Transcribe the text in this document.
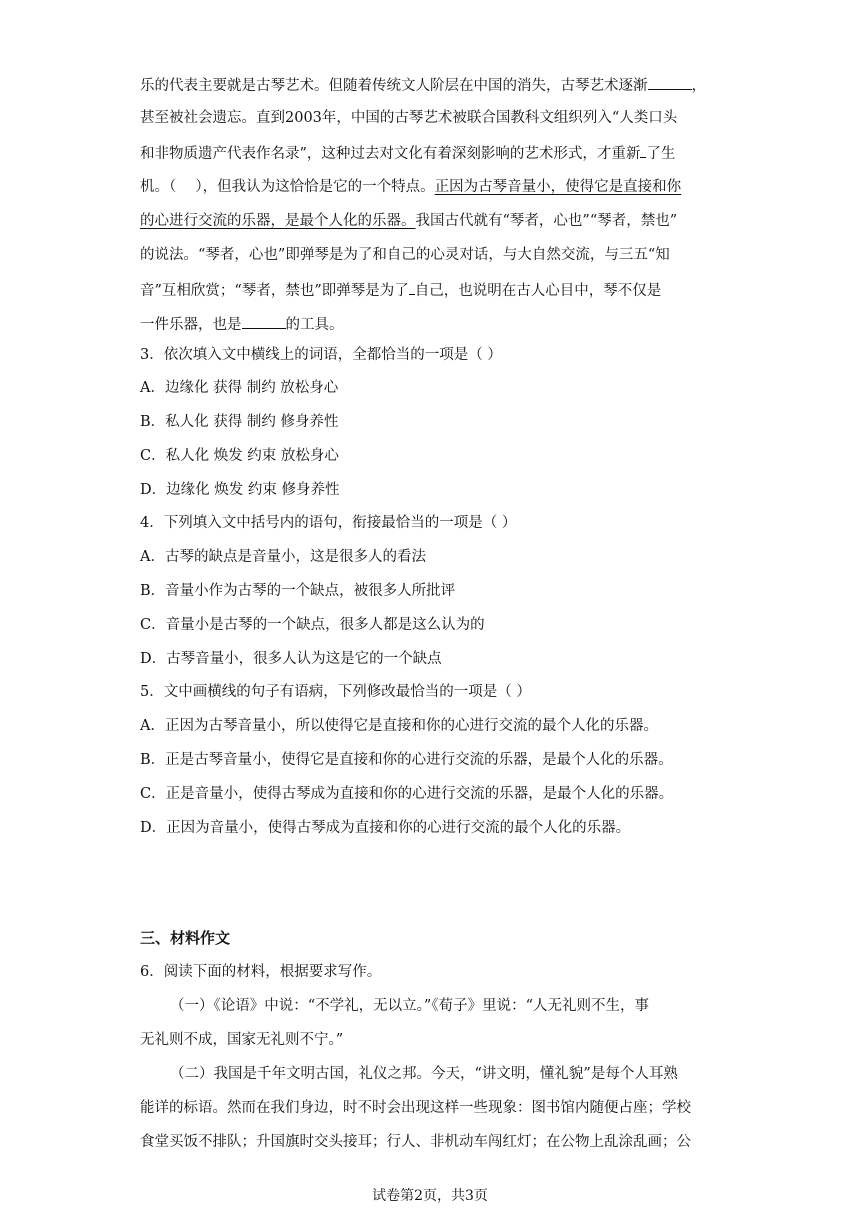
乐的代表主要就是古琴艺术。但随着传统文人阶层在中国的消失，古琴艺术逐渐	，
甚至被社会遗忘。直到2003年，中国的古琴艺术被联合国教科文组织列入“人类口头
和非物质遗产代表作名录”，这种过去对文化有着深刻影响的艺术形式，才重新 了生
机。（　 ），但我认为这恰恰是它的一个特点。正因为古琴音量小，使得它是直接和你
的心进行交流的乐器，是最个人化的乐器。我国古代就有“琴者，心也”“琴者，禁也”
的说法。“琴者，心也”即弹琴是为了和自己的心灵对话，与大自然交流，与三五“知
音”互相欣赏；“琴者，禁也”即弹琴是为了 自己，也说明在古人心目中，琴不仅是
一件乐器，也是	的工具。
3．依次填入文中横线上的词语，全都恰当的一项是（ ）
A．边缘化 获得 制约 放松身心
B．私人化 获得 制约 修身养性
C．私人化 焕发 约束 放松身心
D．边缘化 焕发 约束 修身养性
4．下列填入文中括号内的语句，衔接最恰当的一项是（ ）
A．古琴的缺点是音量小，这是很多人的看法
B．音量小作为古琴的一个缺点，被很多人所批评
C．音量小是古琴的一个缺点，很多人都是这么认为的
D．古琴音量小，很多人认为这是它的一个缺点
5．文中画横线的句子有语病，下列修改最恰当的一项是（ ）
A．正因为古琴音量小，所以使得它是直接和你的心进行交流的最个人化的乐器。
B．正是古琴音量小，使得它是直接和你的心进行交流的乐器，是最个人化的乐器。
C．正是音量小，使得古琴成为直接和你的心进行交流的乐器，是最个人化的乐器。
D．正因为音量小，使得古琴成为直接和你的心进行交流的最个人化的乐器。
三、材料作文
6．阅读下面的材料，根据要求写作。
（一）《论语》中说：“不学礼，无以立。”《荀子》里说：“人无礼则不生，事
无礼则不成，国家无礼则不宁。”
（二）我国是千年文明古国，礼仪之邦。今天，“讲文明，懂礼貌”是每个人耳熟
能详的标语。然而在我们身边，时不时会出现这样一些现象：图书馆内随便占座；学校
食堂买饭不排队；升国旗时交头接耳；行人、非机动车闯红灯；在公物上乱涂乱画；公
试卷第2页，共3页
